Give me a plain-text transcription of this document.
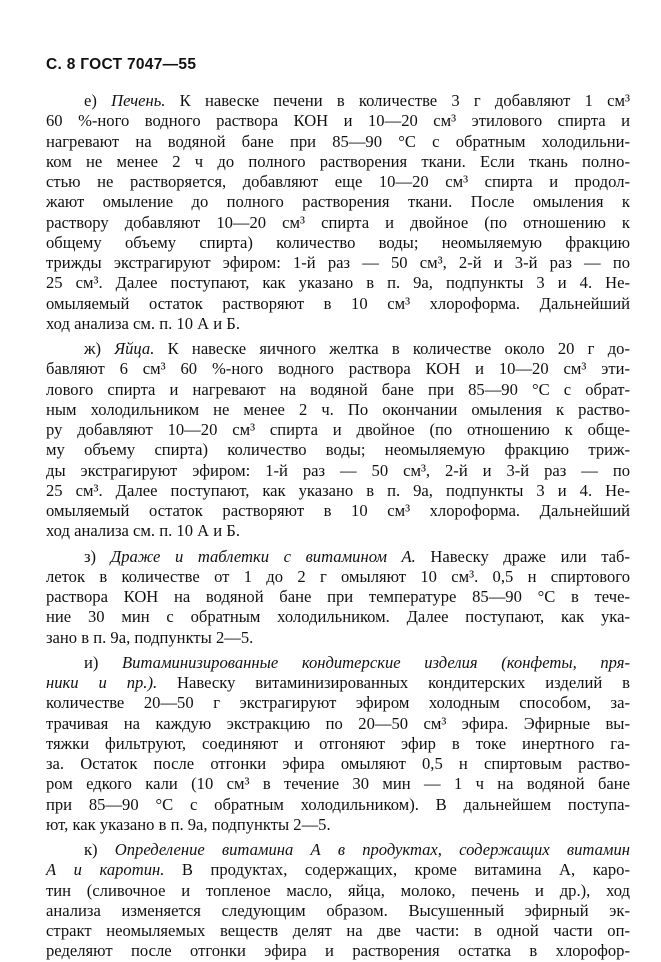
С. 8 ГОСТ 7047—55
е) Печень. К навеске печени в количестве 3 г добавляют 1 см³
60 %-ного водного раствора КОН и 10—20 см³ этилового спирта и
нагревают на водяной бане при 85—90 °С с обратным холодильни-
ком не менее 2 ч до полного растворения ткани. Если ткань полно-
стью не растворяется, добавляют еще 10—20 см³ спирта и продол-
жают омыление до полного растворения ткани. После омыления к
раствору добавляют 10—20 см³ спирта и двойное (по отношению к
общему объему спирта) количество воды; неомыляемую фракцию
трижды экстрагируют эфиром: 1-й раз — 50 см³, 2-й и 3-й раз — по
25 см³. Далее поступают, как указано в п. 9а, подпункты 3 и 4. Не-
омыляемый остаток растворяют в 10 см³ хлороформа. Дальнейший
ход анализа см. п. 10 А и Б.
ж) Яйца. К навеске яичного желтка в количестве около 20 г до-
бавляют 6 см³ 60 %-ного водного раствора КОН и 10—20 см³ эти-
лового спирта и нагревают на водяной бане при 85—90 °С с обрат-
ным холодильником не менее 2 ч. По окончании омыления к раство-
ру добавляют 10—20 см³ спирта и двойное (по отношению к обще-
му объему спирта) количество воды; неомыляемую фракцию триж-
ды экстрагируют эфиром: 1-й раз — 50 см³, 2-й и 3-й раз — по
25 см³. Далее поступают, как указано в п. 9а, подпункты 3 и 4. Не-
омыляемый остаток растворяют в 10 см³ хлороформа. Дальнейший
ход анализа см. п. 10 А и Б.
з) Драже и таблетки с витамином А. Навеску драже или таб-
леток в количестве от 1 до 2 г омыляют 10 см³. 0,5 н спиртового
раствора КОН на водяной бане при температуре 85—90 °С в тече-
ние 30 мин с обратным холодильником. Далее поступают, как ука-
зано в п. 9а, подпункты 2—5.
и) Витаминизированные кондитерские изделия (конфеты, пря-
ники и пр.). Навеску витаминизированных кондитерских изделий в
количестве 20—50 г экстрагируют эфиром холодным способом, за-
трачивая на каждую экстракцию по 20—50 см³ эфира. Эфирные вы-
тяжки фильтруют, соединяют и отгоняют эфир в токе инертного га-
за. Остаток после отгонки эфира омыляют 0,5 н спиртовым раство-
ром едкого кали (10 см³ в течение 30 мин — 1 ч на водяной бане
при 85—90 °С с обратным холодильником). В дальнейшем поступа-
ют, как указано в п. 9а, подпункты 2—5.
к) Определение витамина А в продуктах, содержащих витамин
А и каротин. В продуктах, содержащих, кроме витамина А, каро-
тин (сливочное и топленое масло, яйца, молоко, печень и др.), ход
анализа изменяется следующим образом. Высушенный эфирный эк-
стракт неомыляемых веществ делят на две части: в одной части оп-
ределяют после отгонки эфира и растворения остатка в хлорофор-
